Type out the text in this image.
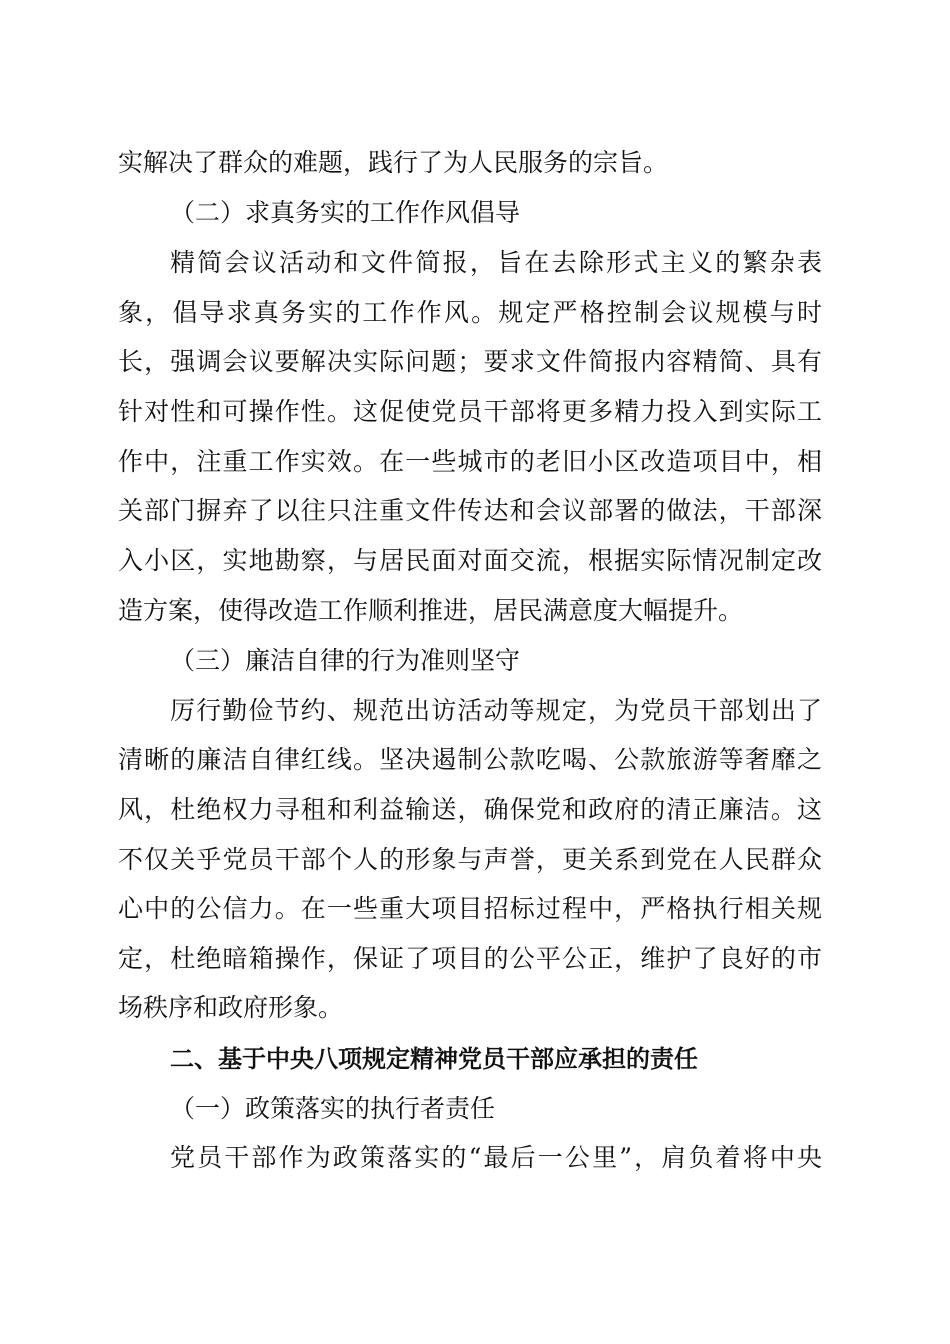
实解决了群众的难题，践行了为人民服务的宗旨。
（二）求真务实的工作作风倡导
精简会议活动和文件简报，旨在去除形式主义的繁杂表
象，倡导求真务实的工作作风。规定严格控制会议规模与时
长，强调会议要解决实际问题；要求文件简报内容精简、具有
针对性和可操作性。这促使党员干部将更多精力投入到实际工
作中，注重工作实效。在一些城市的老旧小区改造项目中，相
关部门摒弃了以往只注重文件传达和会议部署的做法，干部深
入小区，实地勘察，与居民面对面交流，根据实际情况制定改
造方案，使得改造工作顺利推进，居民满意度大幅提升。
（三）廉洁自律的行为准则坚守
厉行勤俭节约、规范出访活动等规定，为党员干部划出了
清晰的廉洁自律红线。坚决遏制公款吃喝、公款旅游等奢靡之
风，杜绝权力寻租和利益输送，确保党和政府的清正廉洁。这
不仅关乎党员干部个人的形象与声誉，更关系到党在人民群众
心中的公信力。在一些重大项目招标过程中，严格执行相关规
定，杜绝暗箱操作，保证了项目的公平公正，维护了良好的市
场秩序和政府形象。
二、基于中央八项规定精神党员干部应承担的责任
（一）政策落实的执行者责任
党员干部作为政策落实的“最后一公里”，肩负着将中央
